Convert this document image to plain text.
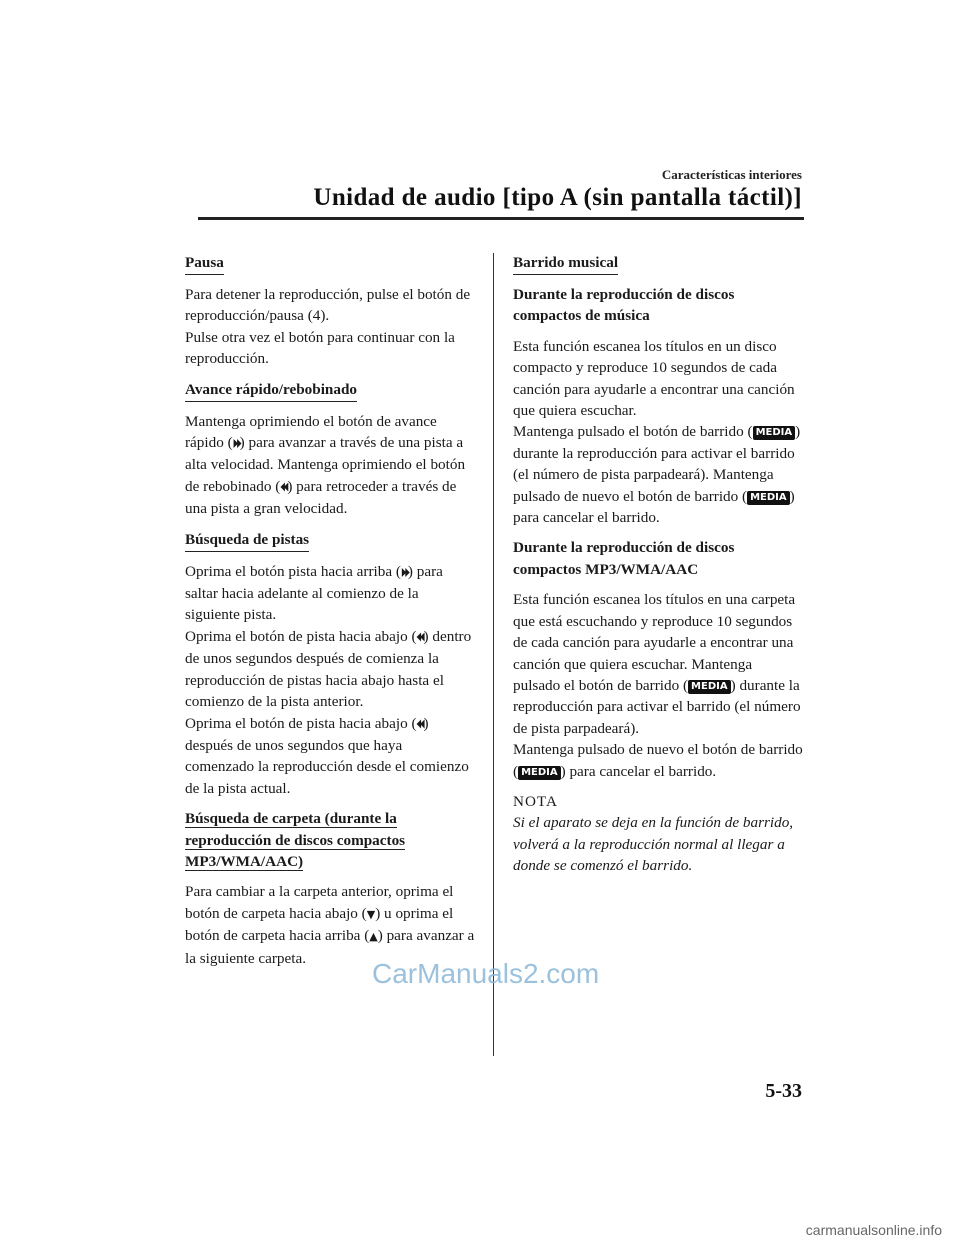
Características interiores
Unidad de audio [tipo A (sin pantalla táctil)]
Pausa

Para detener la reproducción, pulse el botón de reproducción/pausa (4).

Pulse otra vez el botón para continuar con la reproducción.

Avance rápido/rebobinado

Mantenga oprimiendo el botón de avance rápido (⏵⏵) para avanzar a través de una pista a alta velocidad. Mantenga oprimiendo el botón de rebobinado (⏴⏴) para retroceder a través de una pista a gran velocidad.

Búsqueda de pistas

Oprima el botón pista hacia arriba (⏵⏵) para saltar hacia adelante al comienzo de la siguiente pista.

Oprima el botón de pista hacia abajo (⏴⏴) dentro de unos segundos después de comienza la reproducción de pistas hacia abajo hasta el comienzo de la pista anterior.

Oprima el botón de pista hacia abajo (⏴⏴) después de unos segundos que haya comenzado la reproducción desde el comienzo de la pista actual.

Búsqueda de carpeta (durante la
reproducción de discos compactos
MP3/WMA/AAC)

Para cambiar a la carpeta anterior, oprima el botón de carpeta hacia abajo (▼) u oprima el botón de carpeta hacia arriba (▲) para avanzar a la siguiente carpeta.

Barrido musical

Durante la reproducción de discos compactos de música

Esta función escanea los títulos en un disco compacto y reproduce 10 segundos de cada canción para ayudarle a encontrar una canción que quiera escuchar.

Mantenga pulsado el botón de barrido ( MEDIA ) durante la reproducción para activar el barrido (el número de pista parpadeará). Mantenga pulsado de nuevo el botón de barrido ( MEDIA ) para cancelar el barrido.

Durante la reproducción de discos compactos MP3/WMA/AAC

Esta función escanea los títulos en una carpeta que está escuchando y reproduce 10 segundos de cada canción para ayudarle a encontrar una canción que quiera escuchar. Mantenga pulsado el botón de barrido ( MEDIA ) durante la reproducción para activar el barrido (el número de pista parpadeará).

Mantenga pulsado de nuevo el botón de barrido ( MEDIA ) para cancelar el barrido.

NOTA

Si el aparato se deja en la función de barrido, volverá a la reproducción normal al llegar a donde se comenzó el barrido.

CarManuals2.com
5-33
carmanualsonline.info
